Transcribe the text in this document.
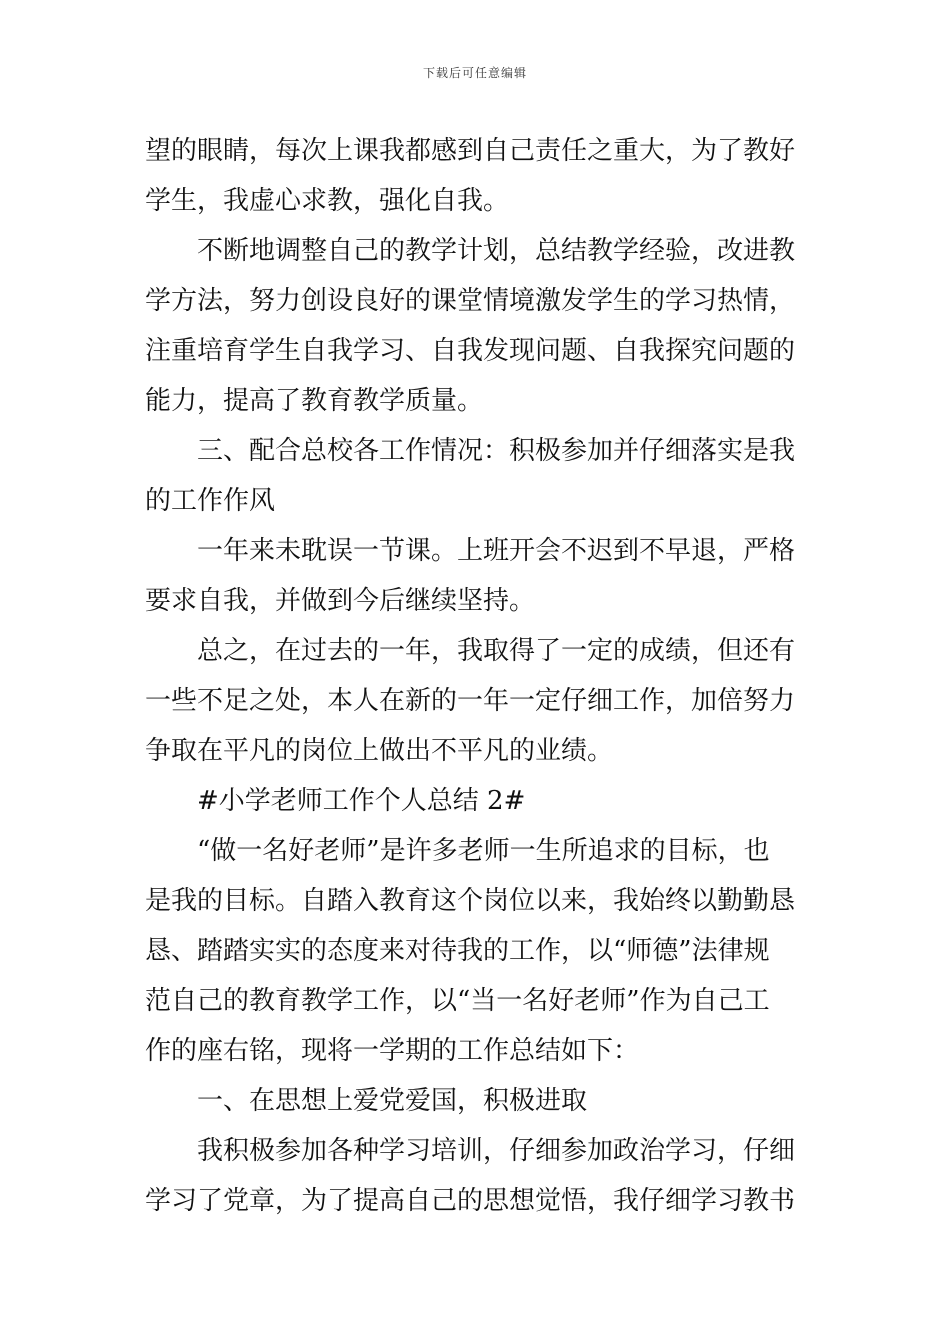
下载后可任意编辑
望的眼睛，每次上课我都感到自己责任之重大，为了教好
学生，我虚心求教，强化自我。
不断地调整自己的教学计划，总结教学经验，改进教
学方法，努力创设良好的课堂情境激发学生的学习热情，
注重培育学生自我学习、自我发现问题、自我探究问题的
能力，提高了教育教学质量。
三、配合总校各工作情况：积极参加并仔细落实是我
的工作作风
一年来未耽误一节课。上班开会不迟到不早退，严格
要求自我，并做到今后继续坚持。
总之，在过去的一年，我取得了一定的成绩，但还有
一些不足之处，本人在新的一年一定仔细工作，加倍努力
争取在平凡的岗位上做出不平凡的业绩。
#小学老师工作个人总结 2#
“做一名好老师”是许多老师一生所追求的目标，也
是我的目标。自踏入教育这个岗位以来，我始终以勤勤恳
恳、踏踏实实的态度来对待我的工作，以“师德”法律规
范自己的教育教学工作，以“当一名好老师”作为自己工
作的座右铭，现将一学期的工作总结如下：
一、在思想上爱党爱国，积极进取
我积极参加各种学习培训，仔细参加政治学习，仔细
学习了党章，为了提高自己的思想觉悟，我仔细学习教书
